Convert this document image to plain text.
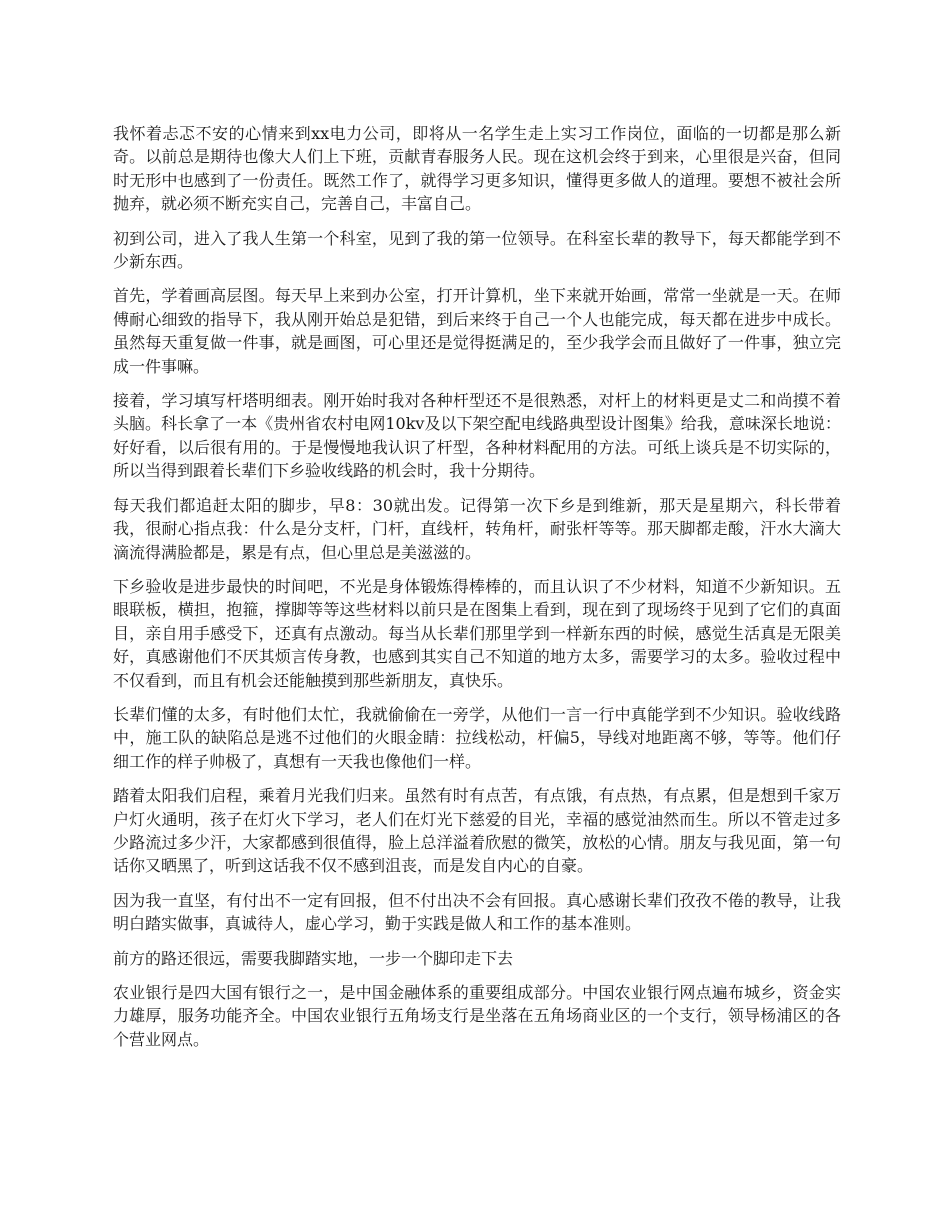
我怀着忐忑不安的心情来到xx电力公司，即将从一名学生走上实习工作岗位，面临的一切都是那么新奇。以前总是期待也像大人们上下班，贡献青春服务人民。现在这机会终于到来，心里很是兴奋，但同时无形中也感到了一份责任。既然工作了，就得学习更多知识，懂得更多做人的道理。要想不被社会所抛弃，就必须不断充实自己，完善自己，丰富自己。

初到公司，进入了我人生第一个科室，见到了我的第一位领导。在科室长辈的教导下，每天都能学到不少新东西。

首先，学着画高层图。每天早上来到办公室，打开计算机，坐下来就开始画，常常一坐就是一天。在师傅耐心细致的指导下，我从刚开始总是犯错，到后来终于自己一个人也能完成，每天都在进步中成长。虽然每天重复做一件事，就是画图，可心里还是觉得挺满足的，至少我学会而且做好了一件事，独立完成一件事嘛。

接着，学习填写杆塔明细表。刚开始时我对各种杆型还不是很熟悉，对杆上的材料更是丈二和尚摸不着头脑。科长拿了一本《贵州省农村电网10kv及以下架空配电线路典型设计图集》给我，意味深长地说：好好看，以后很有用的。于是慢慢地我认识了杆型，各种材料配用的方法。可纸上谈兵是不切实际的，所以当得到跟着长辈们下乡验收线路的机会时，我十分期待。

每天我们都追赶太阳的脚步，早8：30就出发。记得第一次下乡是到维新，那天是星期六，科长带着我，很耐心指点我：什么是分支杆，门杆，直线杆，转角杆，耐张杆等等。那天脚都走酸，汗水大滴大滴流得满脸都是，累是有点，但心里总是美滋滋的。

下乡验收是进步最快的时间吧，不光是身体锻炼得棒棒的，而且认识了不少材料，知道不少新知识。五眼联板，横担，抱箍，撑脚等等这些材料以前只是在图集上看到，现在到了现场终于见到了它们的真面目，亲自用手感受下，还真有点激动。每当从长辈们那里学到一样新东西的时候，感觉生活真是无限美好，真感谢他们不厌其烦言传身教，也感到其实自己不知道的地方太多，需要学习的太多。验收过程中不仅看到，而且有机会还能触摸到那些新朋友，真快乐。

长辈们懂的太多，有时他们太忙，我就偷偷在一旁学，从他们一言一行中真能学到不少知识。验收线路中，施工队的缺陷总是逃不过他们的火眼金睛：拉线松动，杆偏5，导线对地距离不够，等等。他们仔细工作的样子帅极了，真想有一天我也像他们一样。

踏着太阳我们启程，乘着月光我们归来。虽然有时有点苦，有点饿，有点热，有点累，但是想到千家万户灯火通明，孩子在灯火下学习，老人们在灯光下慈爱的目光，幸福的感觉油然而生。所以不管走过多少路流过多少汗，大家都感到很值得，脸上总洋溢着欣慰的微笑，放松的心情。朋友与我见面，第一句话你又晒黑了，听到这话我不仅不感到沮丧，而是发自内心的自豪。

因为我一直坚，有付出不一定有回报，但不付出决不会有回报。真心感谢长辈们孜孜不倦的教导，让我明白踏实做事，真诚待人，虚心学习，勤于实践是做人和工作的基本准则。

前方的路还很远，需要我脚踏实地，一步一个脚印走下去

农业银行是四大国有银行之一，是中国金融体系的重要组成部分。中国农业银行网点遍布城乡，资金实力雄厚，服务功能齐全。中国农业银行五角场支行是坐落在五角场商业区的一个支行，领导杨浦区的各个营业网点。
